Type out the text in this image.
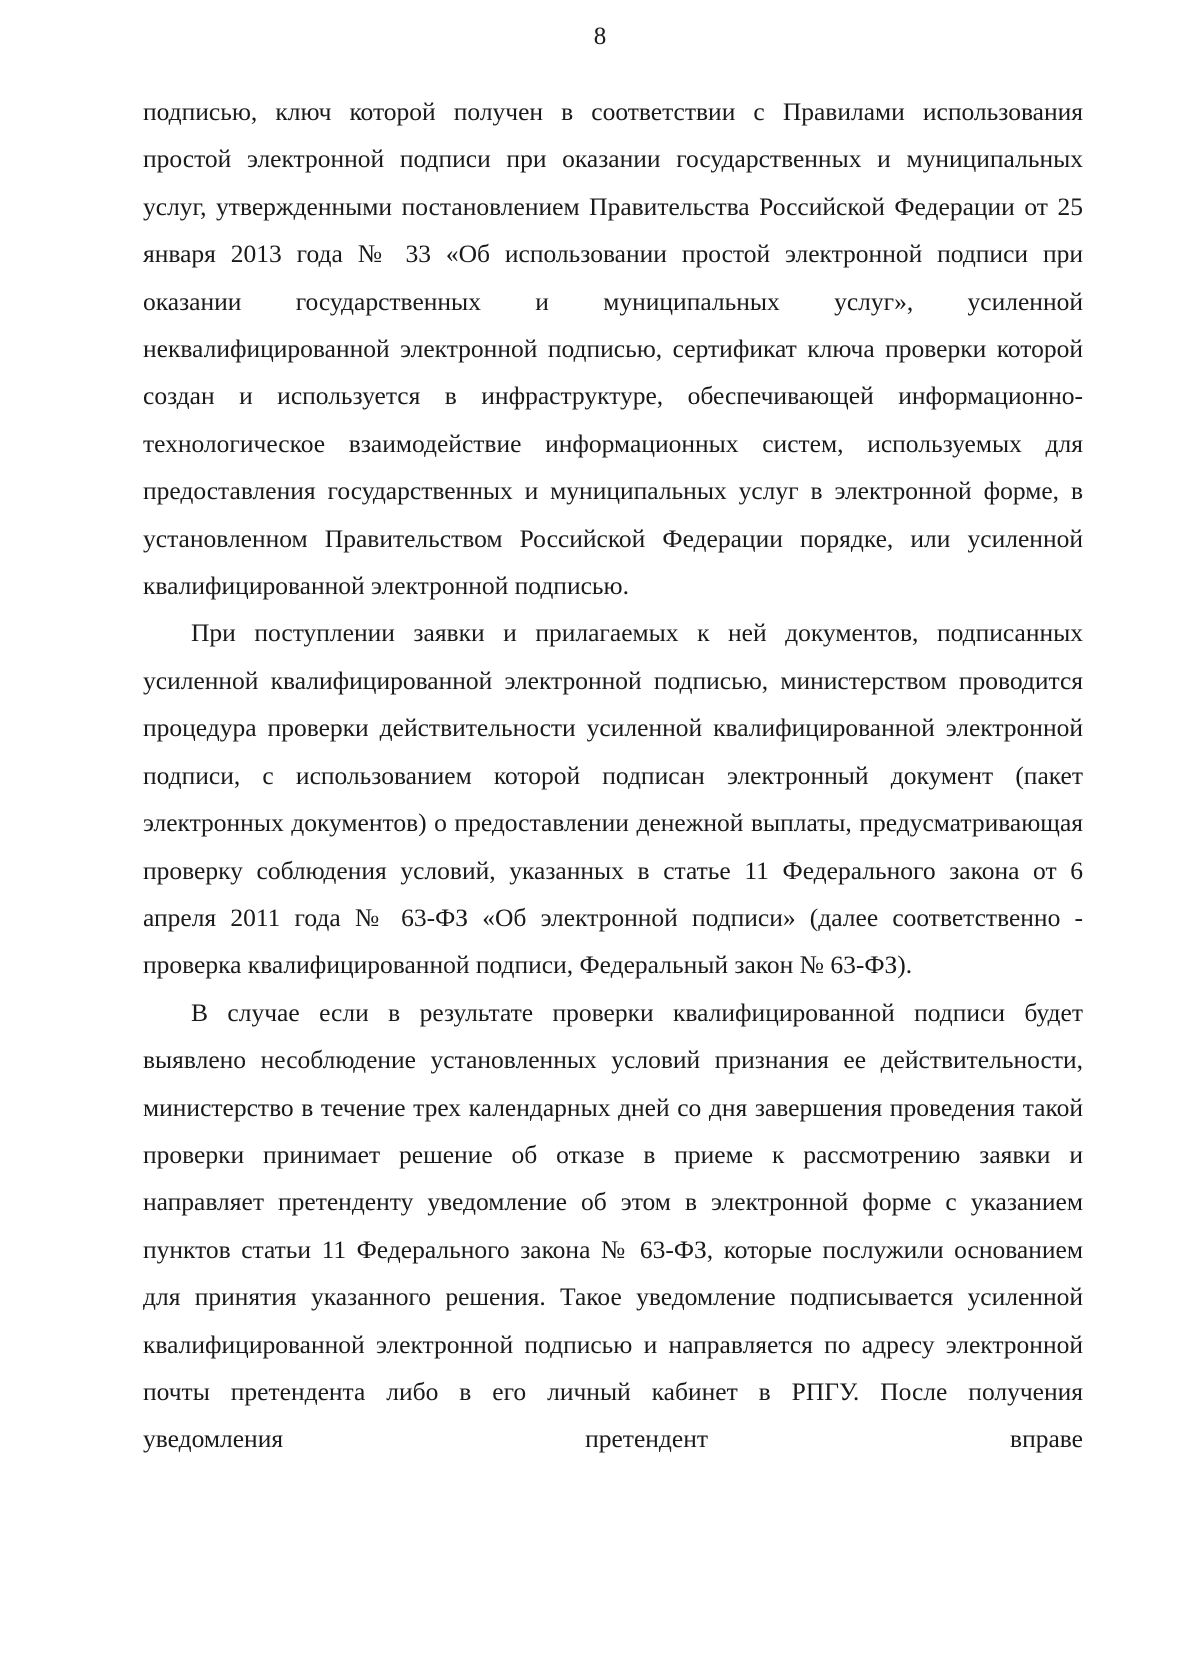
8

подписью, ключ которой получен в соответствии с Правилами использования простой электронной подписи при оказании государственных и муниципальных услуг, утвержденными постановлением Правительства Российской Федерации от 25 января 2013 года № 33 «Об использовании простой электронной подписи при оказании государственных и муниципальных услуг», усиленной неквалифицированной электронной подписью, сертификат ключа проверки которой создан и используется в инфраструктуре, обеспечивающей информационно-технологическое взаимодействие информационных систем, используемых для предоставления государственных и муниципальных услуг в электронной форме, в установленном Правительством Российской Федерации порядке, или усиленной квалифицированной электронной подписью.

При поступлении заявки и прилагаемых к ней документов, подписанных усиленной квалифицированной электронной подписью, министерством проводится процедура проверки действительности усиленной квалифицированной электронной подписи, с использованием которой подписан электронный документ (пакет электронных документов) о предоставлении денежной выплаты, предусматривающая проверку соблюдения условий, указанных в статье 11 Федерального закона от 6 апреля 2011 года № 63-ФЗ «Об электронной подписи» (далее соответственно - проверка квалифицированной подписи, Федеральный закон № 63-ФЗ).

В случае если в результате проверки квалифицированной подписи будет выявлено несоблюдение установленных условий признания ее действительности, министерство в течение трех календарных дней со дня завершения проведения такой проверки принимает решение об отказе в приеме к рассмотрению заявки и направляет претенденту уведомление об этом в электронной форме с указанием пунктов статьи 11 Федерального закона № 63-ФЗ, которые послужили основанием для принятия указанного решения. Такое уведомление подписывается усиленной квалифицированной электронной подписью и направляется по адресу электронной почты претендента либо в его личный кабинет в РПГУ. После получения уведомления претендент вправе
